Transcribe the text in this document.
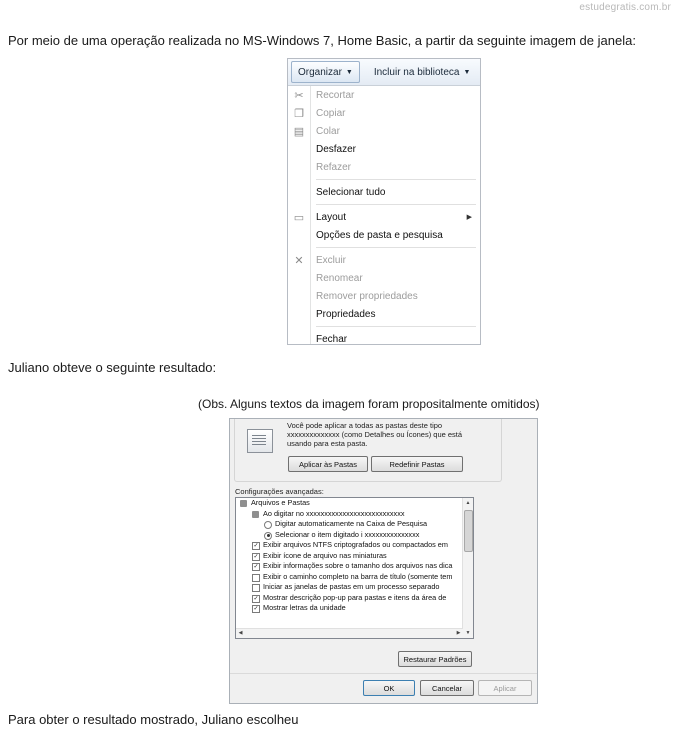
estudegratis.com.br
Por meio de uma operação realizada no MS-Windows 7, Home Basic, a partir da seguinte imagem de janela:
Organizar ▼ Incluir na biblioteca ▼
✂	Recortar
❐	Copiar
▤	Colar
Desfazer
Refazer
Selecionar tudo
▭	Layout	▶
Opções de pasta e pesquisa
✕	Excluir
Renomear
Remover propriedades
Propriedades
Fechar
Juliano obteve o seguinte resultado:
(Obs. Alguns textos da imagem foram propositalmente omitidos)
Você pode aplicar a todas as pastas deste tipo xxxxxxxxxxxxxx (como Detalhes ou Ícones) que está usando para esta pasta.
Aplicar às Pastas	Redefinir Pastas
Configurações avançadas:
Arquivos e Pastas
Ao digitar no xxxxxxxxxxxxxxxxxxxxxxxxxxx
Digitar automaticamente na Caixa de Pesquisa
Selecionar o item digitado i xxxxxxxxxxxxxxx
✓ Exibir arquivos NTFS criptografados ou compactados em
✓ Exibir ícone de arquivo nas miniaturas
✓ Exibir informações sobre o tamanho dos arquivos nas dica
Exibir o caminho completo na barra de título (somente tem
Iniciar as janelas de pastas em um processo separado
✓ Mostrar descrição pop-up para pastas e itens da área de
✓ Mostrar letras da unidade
▲
▼
◀	▶
Restaurar Padrões
OK	Cancelar	Aplicar
Para obter o resultado mostrado, Juliano escolheu
